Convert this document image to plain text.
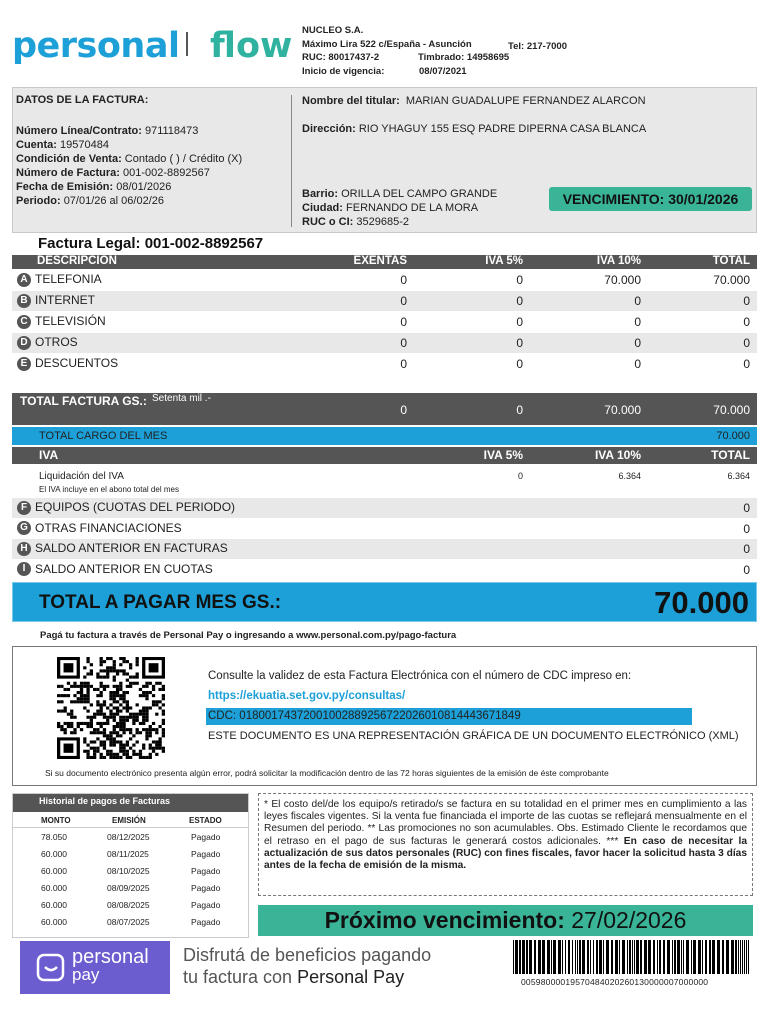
personal flow NUCLEO S.A.
Máximo Lira 522 c/España - Asunción	Tel: 217-7000
RUC: 80017437-2	Timbrado: 14958695
Inicio de vigencia:	08/07/2021
DATOS DE LA FACTURA:
Número Línea/Contrato: 971118473
Cuenta: 19570484
Condición de Venta: Contado ( ) / Crédito (X)
Número de Factura: 001-002-8892567
Fecha de Emisión: 08/01/2026
Periodo: 07/01/26 al 06/02/26
Nombre del titular: MARIAN GUADALUPE FERNANDEZ ALARCON
Dirección: RIO YHAGUY 155 ESQ PADRE DIPERNA CASA BLANCA
Barrio: ORILLA DEL CAMPO GRANDE
Ciudad: FERNANDO DE LA MORA
RUC o CI: 3529685-2
VENCIMIENTO: 30/01/2026
Factura Legal: 001-002-8892567
DESCRIPCIÓN	EXENTAS	IVA 5%	IVA 10%	TOTAL
A TELEFONIA	0	0	70.000	70.000
B INTERNET	0	0	0	0
C TELEVISIÓN	0	0	0	0
D OTROS	0	0	0	0
E DESCUENTOS	0	0	0	0
TOTAL FACTURA GS.: Setenta mil .-
0	0	70.000	70.000
TOTAL CARGO DEL MES	70.000
IVA	IVA 5%	IVA 10%	TOTAL
Liquidación del IVA	0	6.364	6.364
El IVA incluye en el abono total del mes
F EQUIPOS (CUOTAS DEL PERIODO)	0
G OTRAS FINANCIACIONES	0
H SALDO ANTERIOR EN FACTURAS	0
I SALDO ANTERIOR EN CUOTAS	0
TOTAL A PAGAR MES GS.:	70.000
Pagá tu factura a través de Personal Pay o ingresando a www.personal.com.py/pago-factura
Consulte la validez de esta Factura Electrónica con el número de CDC impreso en:
https://ekuatia.set.gov.py/consultas/
CDC: 01800174372001002889256722026010814443671849
ESTE DOCUMENTO ES UNA REPRESENTACIÓN GRÁFICA DE UN DOCUMENTO ELECTRÓNICO (XML)
Si su documento electrónico presenta algún error, podrá solicitar la modificación dentro de las 72 horas siguientes de la emisión de éste comprobante
Historial de pagos de Facturas
MONTO	EMISIÓN	ESTADO
78.050	08/12/2025	Pagado
60.000	08/11/2025	Pagado
60.000	08/10/2025	Pagado
60.000	08/09/2025	Pagado
60.000	08/08/2025	Pagado
60.000	08/07/2025	Pagado
* El costo del/de los equipo/s retirado/s se factura en su totalidad en el primer mes en cumplimiento a las leyes fiscales vigentes. Si la venta fue financiada el importe de las cuotas se reflejará mensualmente en el Resumen del periodo. ** Las promociones no son acumulables. Obs. Estimado Cliente le recordamos que el retraso en el pago de sus facturas le generará costos adicionales. *** En caso de necesitar la actualización de sus datos personales (RUC) con fines fiscales, favor hacer la solicitud hasta 3 días antes de la fecha de emisión de la misma.
Próximo vencimiento: 27/02/2026
personal
pay
Disfrutá de beneficios pagando
tu factura con Personal Pay	00598000019570484020260130000007000000
